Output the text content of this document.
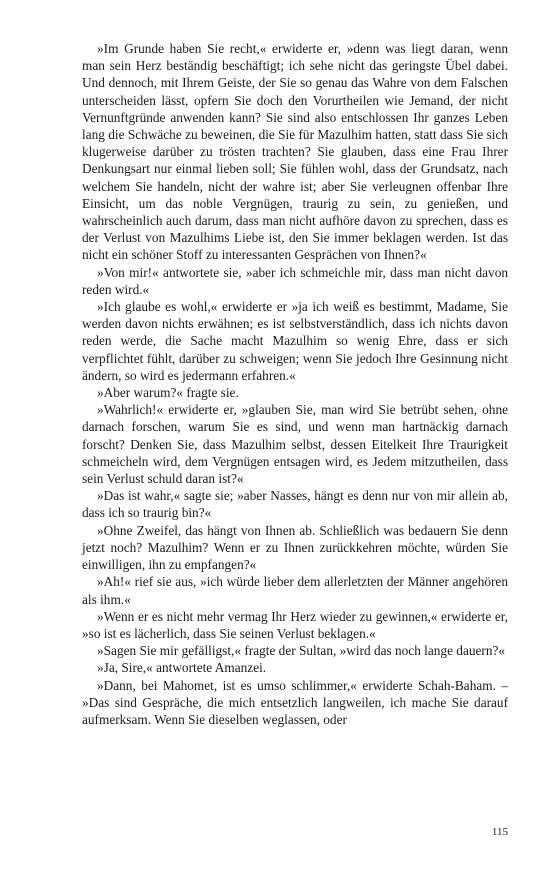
»Im Grunde haben Sie recht,« erwiderte er, »denn was liegt daran, wenn man sein Herz beständig beschäftigt; ich sehe nicht das geringste Übel dabei. Und dennoch, mit Ihrem Geiste, der Sie so genau das Wahre von dem Falschen unterscheiden lässt, opfern Sie doch den Vorurtheilen wie Jemand, der nicht Vernunftgründe anwenden kann? Sie sind also entschlossen Ihr ganzes Leben lang die Schwäche zu beweinen, die Sie für Mazulhim hatten, statt dass Sie sich klugerweise darüber zu trösten trachten? Sie glauben, dass eine Frau Ihrer Denkungsart nur einmal lieben soll; Sie fühlen wohl, dass der Grundsatz, nach welchem Sie handeln, nicht der wahre ist; aber Sie verleugnen offenbar Ihre Einsicht, um das noble Vergnügen, traurig zu sein, zu genießen, und wahrscheinlich auch darum, dass man nicht aufhöre davon zu sprechen, dass es der Verlust von Mazulhims Liebe ist, den Sie immer beklagen werden. Ist das nicht ein schöner Stoff zu interessanten Gesprächen von Ihnen?«

»Von mir!« antwortete sie, »aber ich schmeichle mir, dass man nicht davon reden wird.«

»Ich glaube es wohl,« erwiderte er »ja ich weiß es bestimmt, Madame, Sie werden davon nichts erwähnen; es ist selbstverständlich, dass ich nichts davon reden werde, die Sache macht Mazulhim so wenig Ehre, dass er sich verpflichtet fühlt, darüber zu schweigen; wenn Sie jedoch Ihre Gesinnung nicht ändern, so wird es jedermann erfahren.«

»Aber warum?« fragte sie.

»Wahrlich!« erwiderte er, »glauben Sie, man wird Sie betrübt sehen, ohne darnach forschen, warum Sie es sind, und wenn man hartnäckig darnach forscht? Denken Sie, dass Mazulhim selbst, dessen Eitelkeit Ihre Traurigkeit schmeicheln wird, dem Vergnügen entsagen wird, es Jedem mitzutheilen, dass sein Verlust schuld daran ist?«

»Das ist wahr,« sagte sie; »aber Nasses, hängt es denn nur von mir allein ab, dass ich so traurig bin?«

»Ohne Zweifel, das hängt von Ihnen ab. Schließlich was bedauern Sie denn jetzt noch? Mazulhim? Wenn er zu Ihnen zurückkehren möchte, würden Sie einwilligen, ihn zu empfangen?«

»Ah!« rief sie aus, »ich würde lieber dem allerletzten der Männer angehören als ihm.«

»Wenn er es nicht mehr vermag Ihr Herz wieder zu gewinnen,« erwiderte er, »so ist es lächerlich, dass Sie seinen Verlust beklagen.«

»Sagen Sie mir gefälligst,« fragte der Sultan, »wird das noch lange dauern?«

»Ja, Sire,« antwortete Amanzei.

»Dann, bei Mahomet, ist es umso schlimmer,« erwiderte Schah-Baham. – »Das sind Gespräche, die mich entsetzlich langweilen, ich mache Sie darauf aufmerksam. Wenn Sie dieselben weglassen, oder

115
